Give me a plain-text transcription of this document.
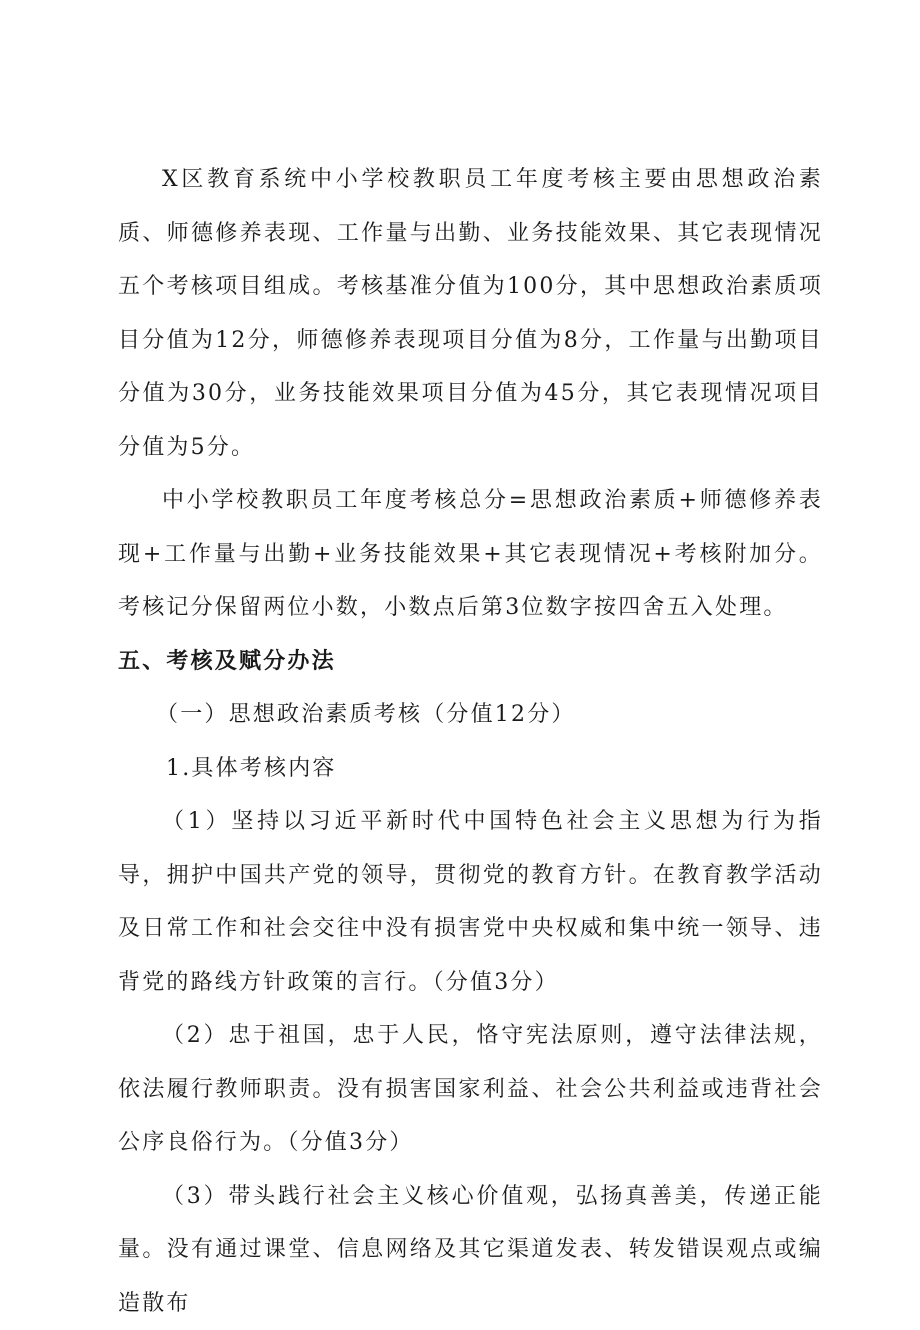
X区教育系统中小学校教职员工年度考核主要由思想政治素质、师德修养表现、工作量与出勤、业务技能效果、其它表现情况五个考核项目组成。考核基准分值为100分，其中思想政治素质项目分值为12分，师德修养表现项目分值为8分，工作量与出勤项目分值为30分，业务技能效果项目分值为45分，其它表现情况项目分值为5分。

中小学校教职员工年度考核总分=思想政治素质+师德修养表现+工作量与出勤+业务技能效果+其它表现情况+考核附加分。考核记分保留两位小数，小数点后第3位数字按四舍五入处理。

五、考核及赋分办法

（一）思想政治素质考核（分值12分）

1.具体考核内容

（1）坚持以习近平新时代中国特色社会主义思想为行为指导，拥护中国共产党的领导，贯彻党的教育方针。在教育教学活动及日常工作和社会交往中没有损害党中央权威和集中统一领导、违背党的路线方针政策的言行。（分值3分）

（2）忠于祖国，忠于人民，恪守宪法原则，遵守法律法规，依法履行教师职责。没有损害国家利益、社会公共利益或违背社会公序良俗行为。（分值3分）

（3）带头践行社会主义核心价值观，弘扬真善美，传递正能量。没有通过课堂、信息网络及其它渠道发表、转发错误观点或编造散布
